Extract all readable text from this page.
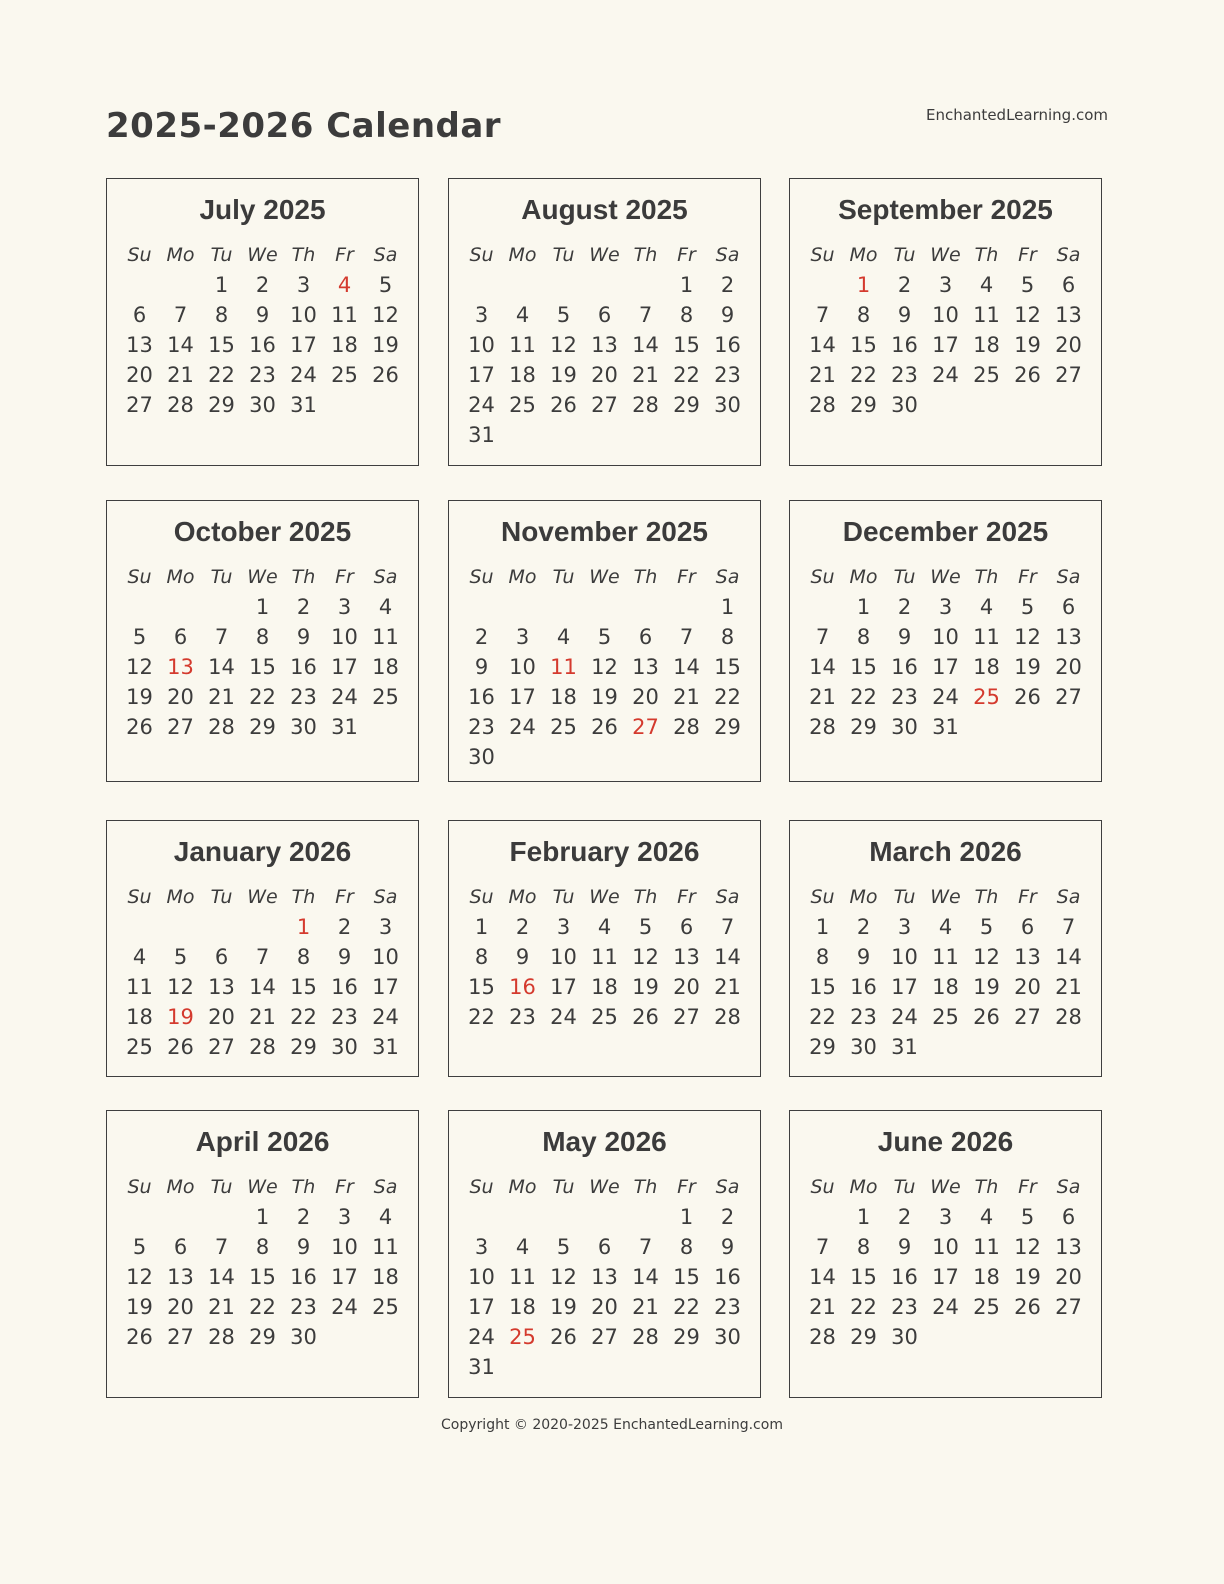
2025-2026 Calendar	EnchantedLearning.com
July 2025
Su	Mo	Tu	We	Th	Fr	Sa
		1	2	3	4	5
6	7	8	9	10	11	12
13	14	15	16	17	18	19
20	21	22	23	24	25	26
27	28	29	30	31		
August 2025
Su	Mo	Tu	We	Th	Fr	Sa
					1	2
3	4	5	6	7	8	9
10	11	12	13	14	15	16
17	18	19	20	21	22	23
24	25	26	27	28	29	30
31						
September 2025
Su	Mo	Tu	We	Th	Fr	Sa
	1	2	3	4	5	6
7	8	9	10	11	12	13
14	15	16	17	18	19	20
21	22	23	24	25	26	27
28	29	30				
October 2025
Su	Mo	Tu	We	Th	Fr	Sa
			1	2	3	4
5	6	7	8	9	10	11
12	13	14	15	16	17	18
19	20	21	22	23	24	25
26	27	28	29	30	31	
November 2025
Su	Mo	Tu	We	Th	Fr	Sa
						1
2	3	4	5	6	7	8
9	10	11	12	13	14	15
16	17	18	19	20	21	22
23	24	25	26	27	28	29
30						
December 2025
Su	Mo	Tu	We	Th	Fr	Sa
	1	2	3	4	5	6
7	8	9	10	11	12	13
14	15	16	17	18	19	20
21	22	23	24	25	26	27
28	29	30	31			
January 2026
Su	Mo	Tu	We	Th	Fr	Sa
				1	2	3
4	5	6	7	8	9	10
11	12	13	14	15	16	17
18	19	20	21	22	23	24
25	26	27	28	29	30	31
February 2026
Su	Mo	Tu	We	Th	Fr	Sa
1	2	3	4	5	6	7
8	9	10	11	12	13	14
15	16	17	18	19	20	21
22	23	24	25	26	27	28
March 2026
Su	Mo	Tu	We	Th	Fr	Sa
1	2	3	4	5	6	7
8	9	10	11	12	13	14
15	16	17	18	19	20	21
22	23	24	25	26	27	28
29	30	31				
April 2026
Su	Mo	Tu	We	Th	Fr	Sa
			1	2	3	4
5	6	7	8	9	10	11
12	13	14	15	16	17	18
19	20	21	22	23	24	25
26	27	28	29	30		
May 2026
Su	Mo	Tu	We	Th	Fr	Sa
					1	2
3	4	5	6	7	8	9
10	11	12	13	14	15	16
17	18	19	20	21	22	23
24	25	26	27	28	29	30
31						
June 2026
Su	Mo	Tu	We	Th	Fr	Sa
	1	2	3	4	5	6
7	8	9	10	11	12	13
14	15	16	17	18	19	20
21	22	23	24	25	26	27
28	29	30				
Copyright © 2020-2025 EnchantedLearning.com
